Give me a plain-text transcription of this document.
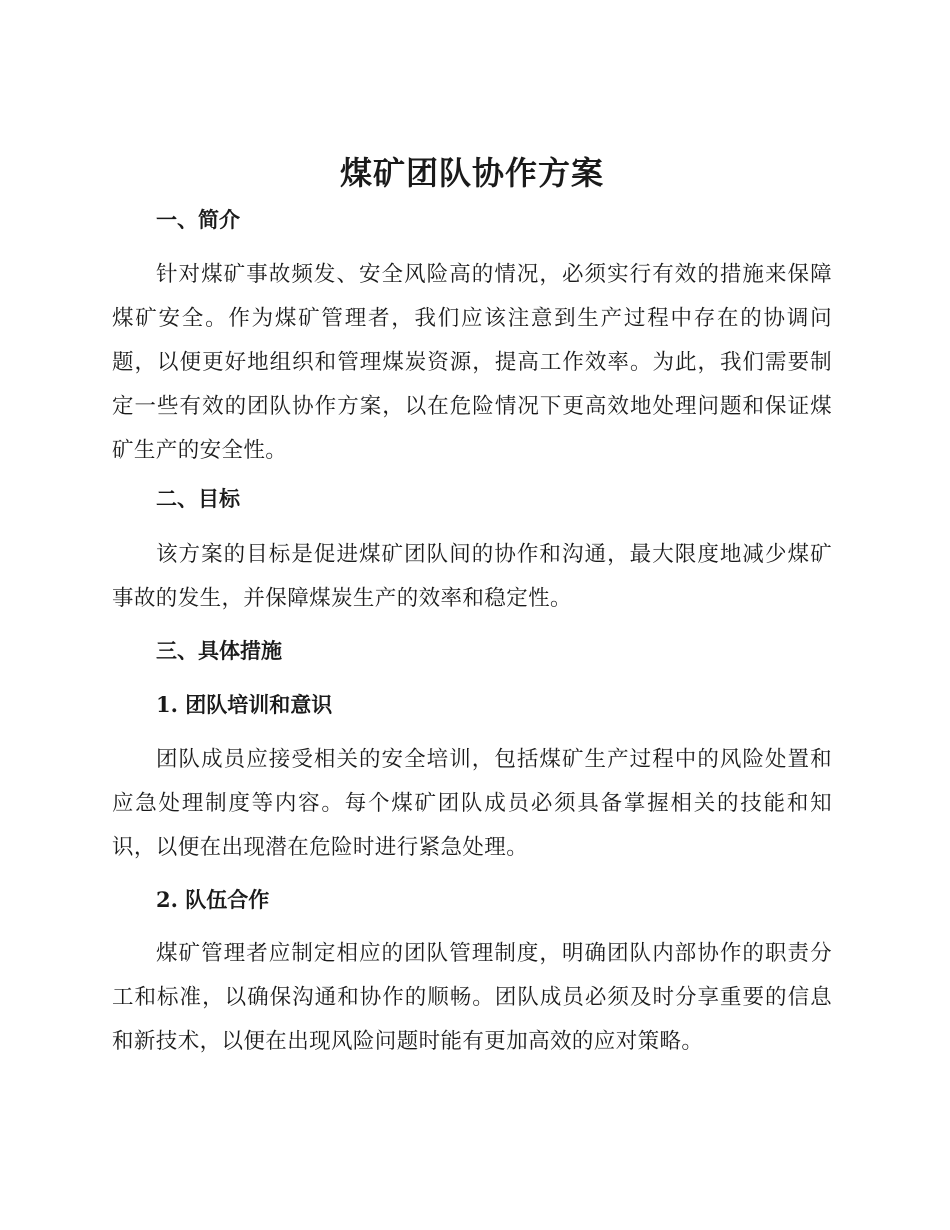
煤矿团队协作方案
一、简介

针对煤矿事故频发、安全风险高的情况，必须实行有效的措施来保障煤矿安全。作为煤矿管理者，我们应该注意到生产过程中存在的协调问题，以便更好地组织和管理煤炭资源，提高工作效率。为此，我们需要制定一些有效的团队协作方案，以在危险情况下更高效地处理问题和保证煤矿生产的安全性。

二、目标

该方案的目标是促进煤矿团队间的协作和沟通，最大限度地减少煤矿事故的发生，并保障煤炭生产的效率和稳定性。

三、具体措施
1. 团队培训和意识

团队成员应接受相关的安全培训，包括煤矿生产过程中的风险处置和应急处理制度等内容。每个煤矿团队成员必须具备掌握相关的技能和知识，以便在出现潜在危险时进行紧急处理。

2. 队伍合作

煤矿管理者应制定相应的团队管理制度，明确团队内部协作的职责分工和标准，以确保沟通和协作的顺畅。团队成员必须及时分享重要的信息和新技术，以便在出现风险问题时能有更加高效的应对策略。
